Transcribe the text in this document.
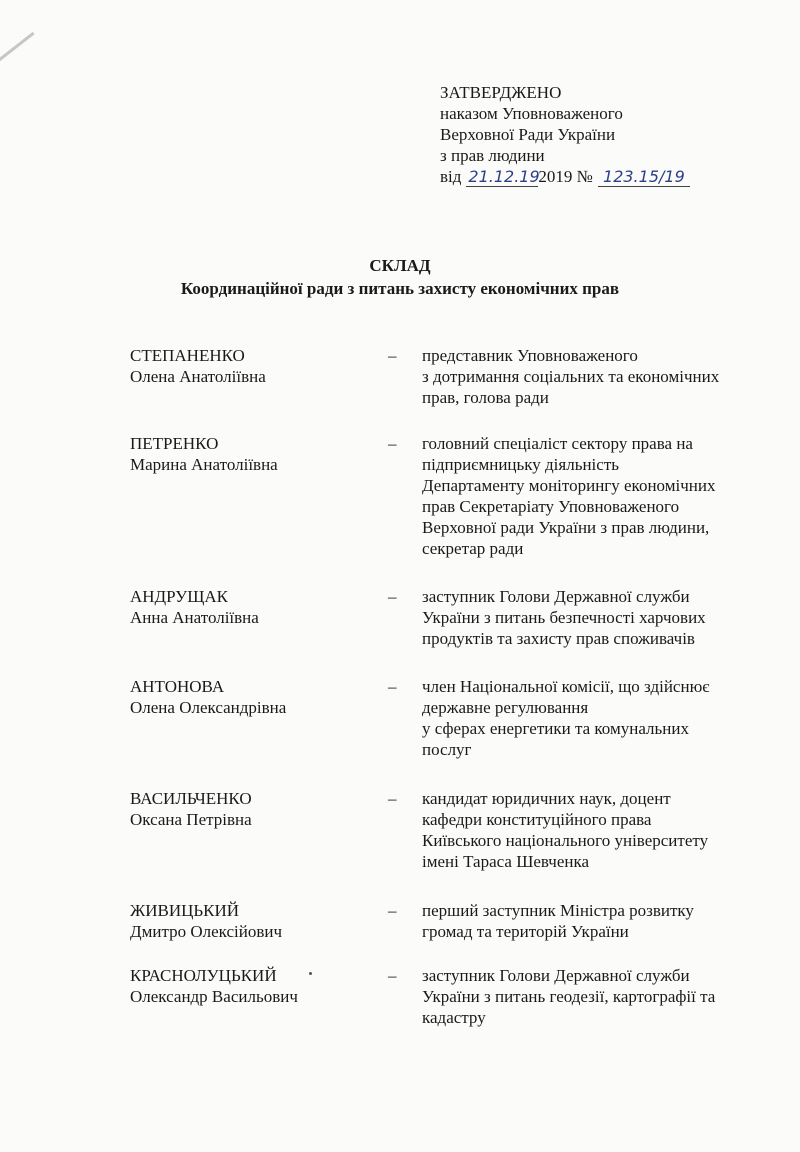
ЗАТВЕРДЖЕНО
наказом Уповноваженого
Верховної Ради України
з прав людини
від 21.12.19
2019 № 123.15/19
СКЛАД
Координаційної ради з питань захисту економічних прав
СТЕПАНЕНКО
Олена Анатоліївна
– представник Уповноваженого
з дотримання соціальних та економічних
прав, голова ради
ПЕТРЕНКО
Марина Анатоліївна
– головний спеціаліст сектору права на
підприємницьку діяльність
Департаменту моніторингу економічних
прав Секретаріату Уповноваженого
Верховної ради України з прав людини,
секретар ради
АНДРУЩАК
Анна Анатоліївна
– заступник Голови Державної служби
України з питань безпечності харчових
продуктів та захисту прав споживачів
АНТОНОВА
Олена Олександрівна
– член Національної комісії, що здійснює
державне регулювання
у сферах енергетики та комунальних
послуг
ВАСИЛЬЧЕНКО
Оксана Петрівна
– кандидат юридичних наук, доцент
кафедри конституційного права
Київського національного університету
імені Тараса Шевченка
ЖИВИЦЬКИЙ
Дмитро Олексійович
– перший заступник Міністра розвитку
громад та територій України
КРАСНОЛУЦЬКИЙ
Олександр Васильович
– заступник Голови Державної служби
України з питань геодезії, картографії та
кадастру
